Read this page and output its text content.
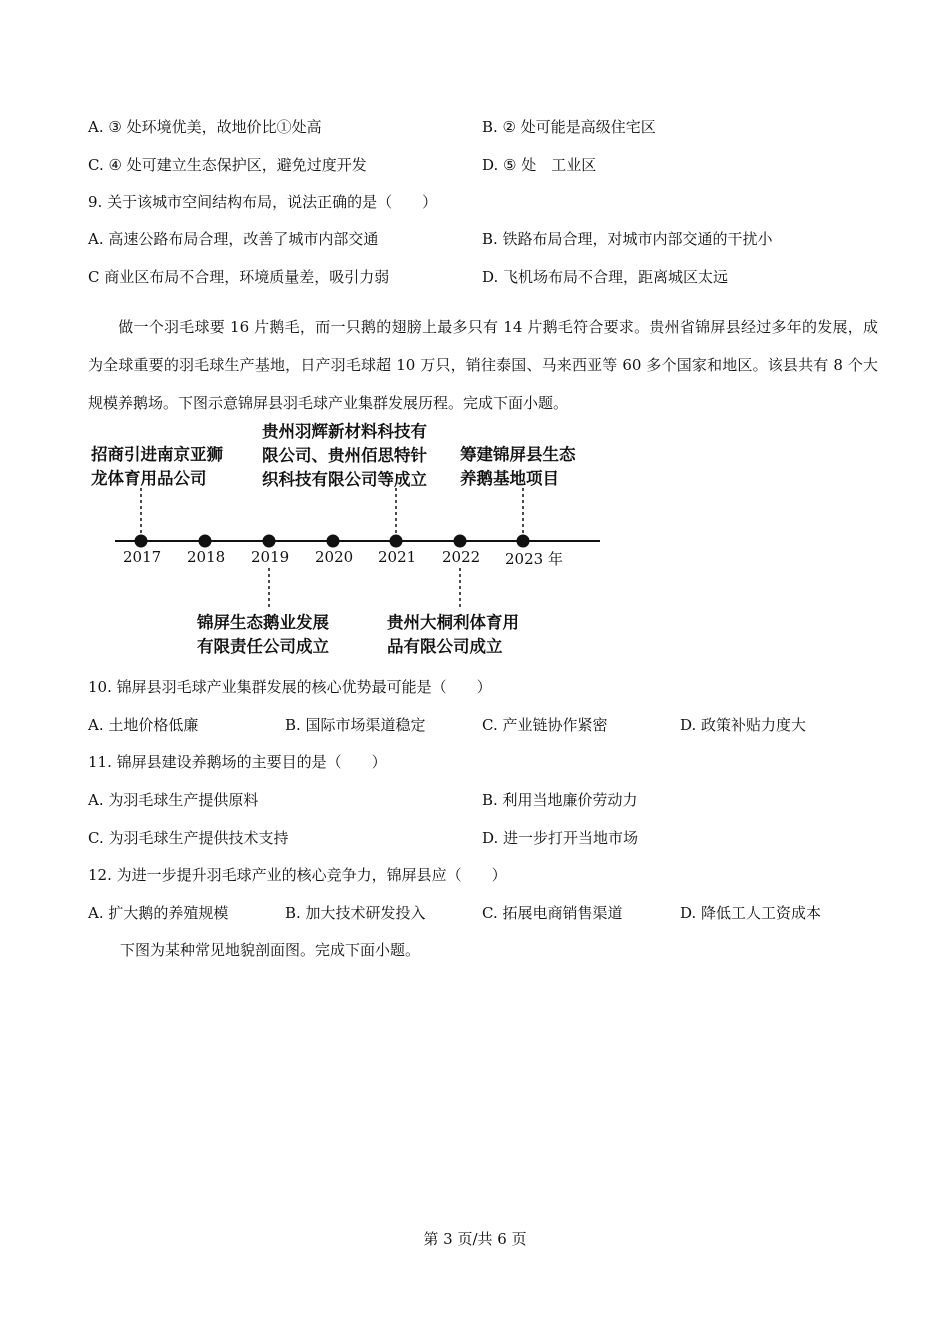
A. ③ 处环境优美，故地价比①处高	B. ② 处可能是高级住宅区
C. ④ 处可建立生态保护区，避免过度开发	D. ⑤ 处　工业区
9. 关于该城市空间结构布局，说法正确的是（　　）
A. 高速公路布局合理，改善了城市内部交通	B. 铁路布局合理，对城市内部交通的干扰小
C 商业区布局不合理，环境质量差，吸引力弱	D. 飞机场布局不合理，距离城区太远
做一个羽毛球要 16 片鹅毛，而一只鹅的翅膀上最多只有 14 片鹅毛符合要求。贵州省锦屏县经过多年的发展，成为全球重要的羽毛球生产基地，日产羽毛球超 10 万只，销往泰国、马来西亚等 60 多个国家和地区。该县共有 8 个大规模养鹅场。下图示意锦屏县羽毛球产业集群发展历程。完成下面小题。
2017 2018 2019 2020 2021 2022 2023 年
招商引进南京亚狮
龙体育用品公司
贵州羽辉新材料科技有
限公司、贵州佰思特针
织科技有限公司等成立
筹建锦屏县生态
养鹅基地项目
锦屏生态鹅业发展
有限责任公司成立
贵州大桐利体育用
品有限公司成立
10. 锦屏县羽毛球产业集群发展的核心优势最可能是（　　）
A. 土地价格低廉	B. 国际市场渠道稳定	C. 产业链协作紧密	D. 政策补贴力度大
11. 锦屏县建设养鹅场的主要目的是（　　）
A. 为羽毛球生产提供原料	B. 利用当地廉价劳动力
C. 为羽毛球生产提供技术支持	D. 进一步打开当地市场
12. 为进一步提升羽毛球产业的核心竞争力，锦屏县应（　　）
A. 扩大鹅的养殖规模	B. 加大技术研发投入	C. 拓展电商销售渠道	D. 降低工人工资成本
下图为某种常见地貌剖面图。完成下面小题。
第 3 页/共 6 页
